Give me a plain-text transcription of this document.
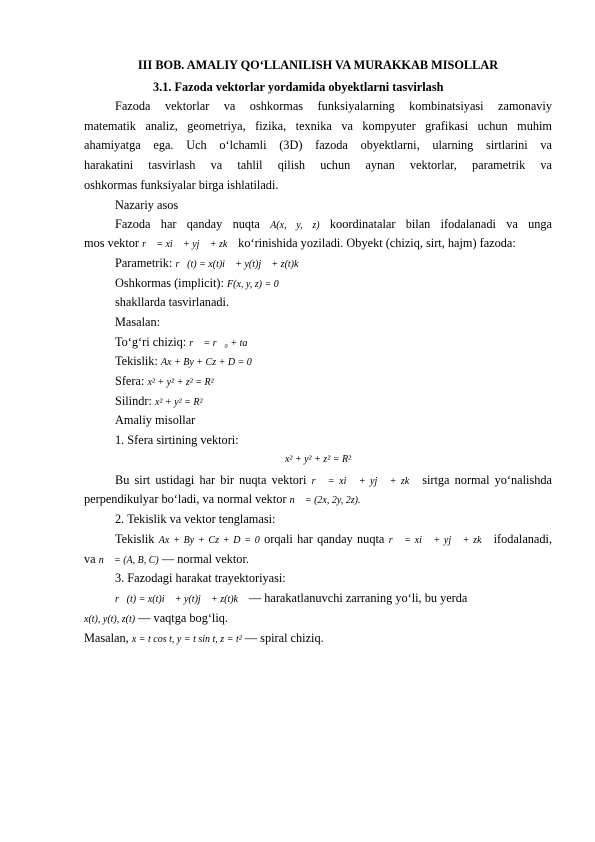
III BOB. AMALIY QO‘LLANILISH VA MURAKKAB MISOLLAR
3.1. Fazoda vektorlar yordamida obyektlarni tasvirlash
Fazoda vektorlar va oshkormas funksiyalarning kombinatsiyasi zamonaviy
matematik analiz, geometriya, fizika, texnika va kompyuter grafikasi uchun muhim
ahamiyatga ega. Uch o‘lchamli (3D) fazoda obyektlarni, ularning sirtlarini va
harakatini tasvirlash va tahlil qilish uchun aynan vektorlar, parametrik va
oshkormas funksiyalar birga ishlatiladi.
Nazariy asos
Fazoda har qanday nuqta A(x, y, z) koordinatalar bilan ifodalanadi va unga
mos vektor r⃗ = xi⃗ + yj⃗ + zk⃗ ko‘rinishida yoziladi. Obyekt (chiziq, sirt, hajm) fazoda:
Parametrik: r⃗(t) = x(t)i⃗ + y(t)j⃗ + z(t)k⃗
Oshkormas (implicit): F(x, y, z) = 0
shakllarda tasvirlanadi.
Masalan:
To‘g‘ri chiziq: r⃗ = r⃗₀ + ta⃗
Tekislik: Ax + By + Cz + D = 0
Sfera: x² + y² + z² = R²
Silindr: x² + y² = R²
Amaliy misollar
1. Sfera sirtining vektori:
x² + y² + z² = R²
Bu sirt ustidagi har bir nuqta vektori r⃗ = xi⃗ + yj⃗ + zk⃗ sirtga normal yo‘nalishda
perpendikulyar bo‘ladi, va normal vektor n⃗ = (2x, 2y, 2z).
2. Tekislik va vektor tenglamasi:
Tekislik Ax + By + Cz + D = 0 orqali har qanday nuqta r⃗ = xi⃗ + yj⃗ + zk⃗ ifodalanadi,
va n⃗ = (A, B, C) — normal vektor.
3. Fazodagi harakat trayektoriyasi:
r⃗(t) = x(t)i⃗ + y(t)j⃗ + z(t)k⃗ — harakatlanuvchi zarraning yo‘li, bu yerda
x(t), y(t), z(t) — vaqtga bog‘liq.
Masalan, x = t cos t, y = t sin t, z = t² — spiral chiziq.
